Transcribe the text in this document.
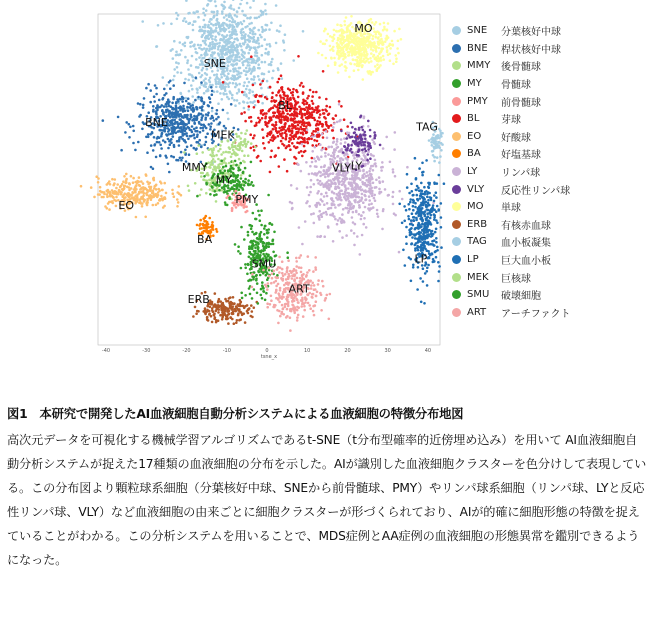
SNE
BNE
MMY
MY
PMY
BL
EO
BA
LY
VLY
MO
ERB
TAG
LP
MEK
SMU
ART
-40	-30	-20	-10	0	10	20	30	40
tsne_x
SNE	分葉核好中球
BNE	桿状核好中球
MMY	後骨髄球
MY	骨髄球
PMY	前骨髄球
BL	芽球
EO	好酸球
BA	好塩基球
LY	リンパ球
VLY	反応性リンパ球
MO	単球
ERB	有核赤血球
TAG	血小板凝集
LP	巨大血小板
MEK	巨核球
SMU	破壊細胞
ART	アーチファクト

図1　本研究で開発したAI血液細胞自動分析システムによる血液細胞の特徴分布地図

高次元データを可視化する機械学習アルゴリズムであるt-SNE（t分布型確率的近傍埋め込み）を用いて AI血液細胞自動分析システムが捉えた17種類の血液細胞の分布を示した。AIが識別した血液細胞クラスターを色分けして表現している。この分布図より顆粒球系細胞（分葉核好中球、SNEから前骨髄球、PMY）やリンパ球系細胞（リンパ球、LYと反応性リンパ球、VLY）など血液細胞の由来ごとに細胞クラスターが形づくられており、AIが的確に細胞形態の特徴を捉えていることがわかる。この分析システムを用いることで、MDS症例とAA症例の血液細胞の形態異常を鑑別できるようになった。
